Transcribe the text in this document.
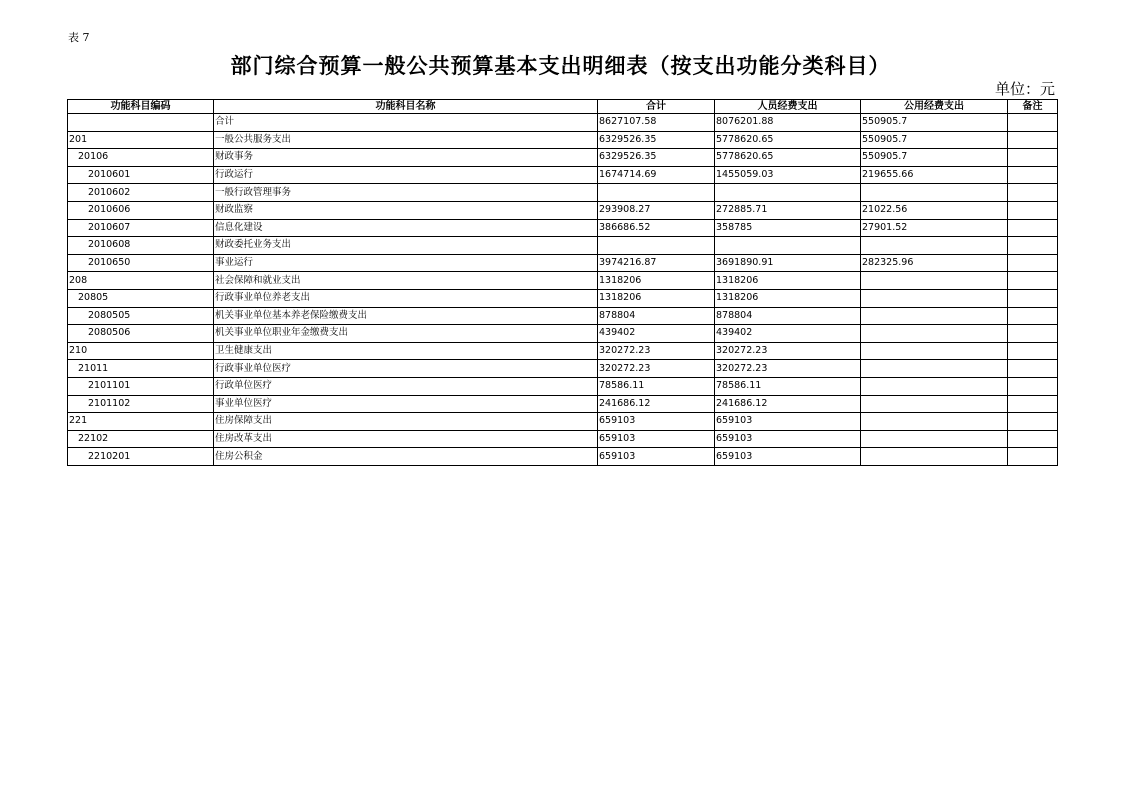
表 7
部门综合预算一般公共预算基本支出明细表（按支出功能分类科目）
单位：元
功能科目编码	功能科目名称	合计	人员经费支出	公用经费支出	备注
	合计	8627107.58	8076201.88	550905.7	
201	一般公共服务支出	6329526.35	5778620.65	550905.7	
20106	财政事务	6329526.35	5778620.65	550905.7	
2010601	行政运行	1674714.69	1455059.03	219655.66	
2010602	一般行政管理事务				
2010606	财政监察	293908.27	272885.71	21022.56	
2010607	信息化建设	386686.52	358785	27901.52	
2010608	财政委托业务支出				
2010650	事业运行	3974216.87	3691890.91	282325.96	
208	社会保障和就业支出	1318206	1318206		
20805	行政事业单位养老支出	1318206	1318206		
2080505	机关事业单位基本养老保险缴费支出	878804	878804		
2080506	机关事业单位职业年金缴费支出	439402	439402		
210	卫生健康支出	320272.23	320272.23		
21011	行政事业单位医疗	320272.23	320272.23		
2101101	行政单位医疗	78586.11	78586.11		
2101102	事业单位医疗	241686.12	241686.12		
221	住房保障支出	659103	659103		
22102	住房改革支出	659103	659103		
2210201	住房公积金	659103	659103		
